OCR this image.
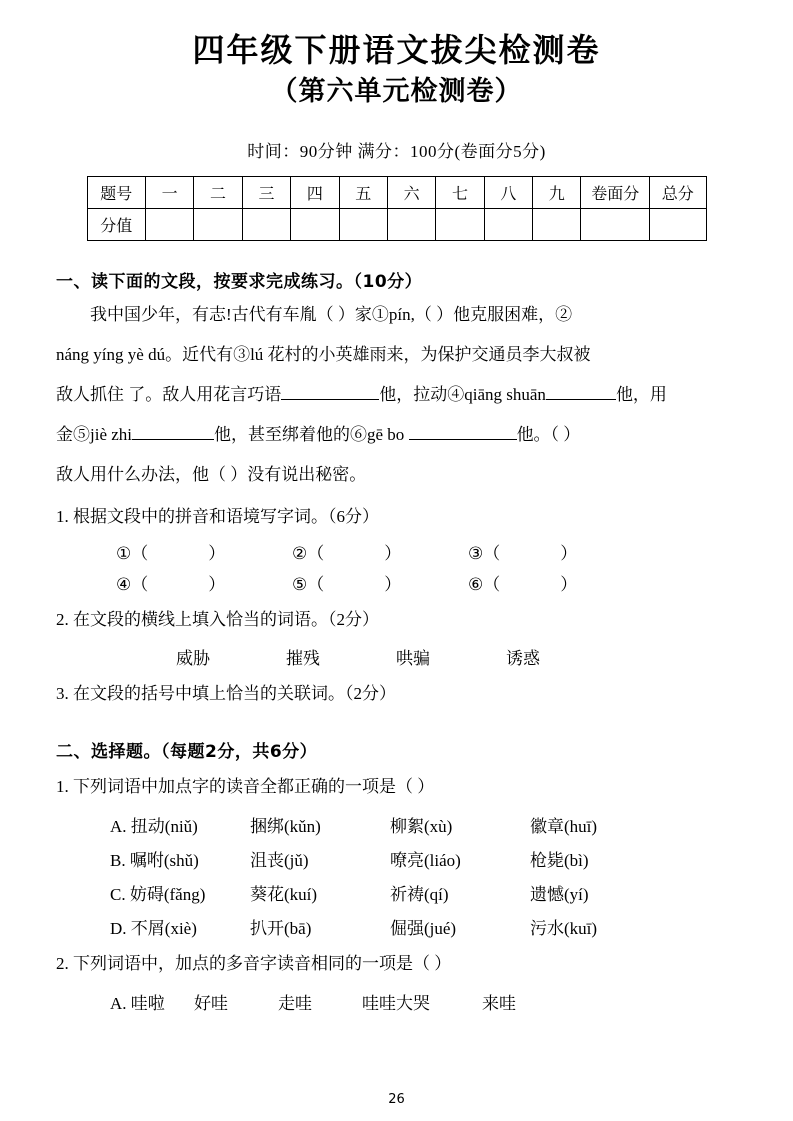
四年级下册语文拔尖检测卷
（第六单元检测卷）
时间：90分钟 满分：100分(卷面分5分)
题号	一	二	三	四	五	六	七	八	九	卷面分	总分
分值											
一、读下面的文段，按要求完成练习。（10分）
我中国少年，有志!古代有车胤（ ）家①pín,（ ）他克服困难，②
náng yíng yè dú。近代有③lú 花村的小英雄雨来，为保护交通员李大叔被
敌人抓住 了。敌人用花言巧语	他，拉动④qiāng shuān	他，用
金⑤jiè zhi	他，甚至绑着他的⑥gē bo	他。（ ）
敌人用什么办法，他（ ）没有说出秘密。
1. 根据文段中的拼音和语境写字词。（6分）
①（	）	②（	）	③（	）
④（	）	⑤（	）	⑥（	）
2. 在文段的横线上填入恰当的词语。（2分）
威胁	摧残	哄骗	诱惑
3. 在文段的括号中填上恰当的关联词。（2分）
二、选择题。（每题2分，共6分）
1. 下列词语中加点字的读音全都正确的一项是（ ）
A. 扭动(niǔ)	捆绑(kǔn)	柳絮(xù)	徽章(huī)
B. 嘱咐(shǔ)	沮丧(jǔ)	嘹亮(liáo)	枪毙(bì)
C. 妨碍(fǎng)	葵花(kuí)	祈祷(qí)	遗憾(yí)
D. 不屑(xiè)	扒开(bā)	倔强(jué)	污水(kuī)
2. 下列词语中，加点的多音字读音相同的一项是（ ）
A. 哇啦	好哇	走哇	哇哇大哭	来哇
26
